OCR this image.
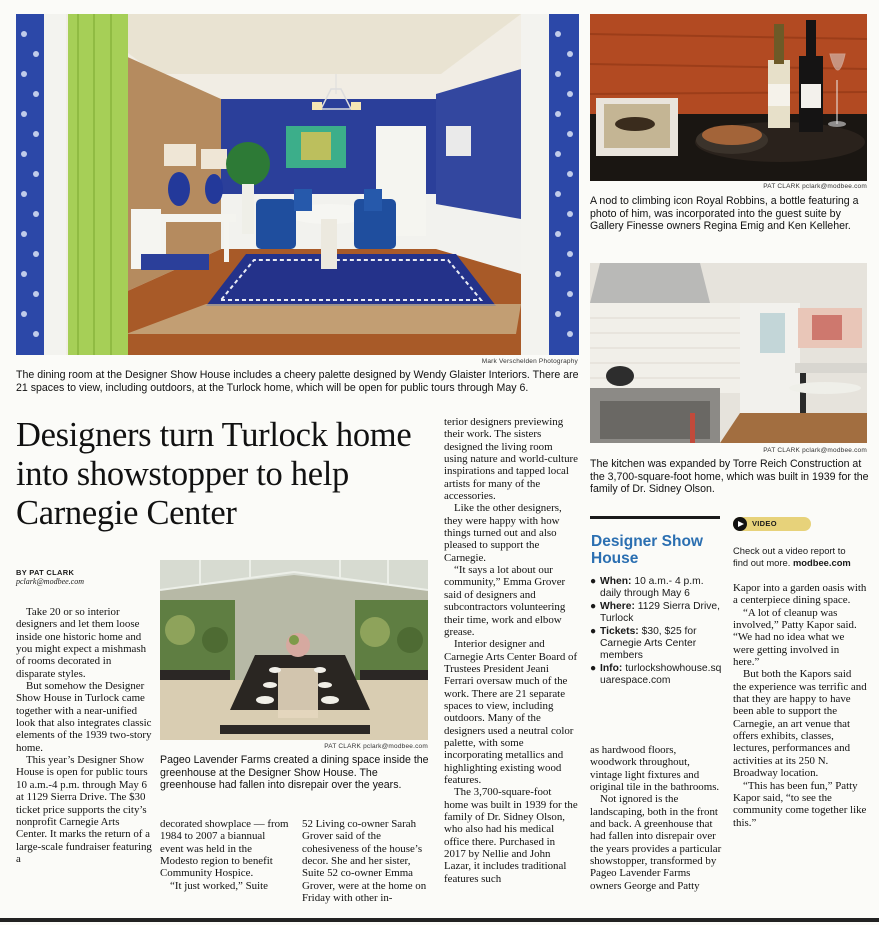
Mark Verschelden Photography
The dining room at the Designer Show House includes a cheery palette designed by Wendy Glaister Interiors. There are 21 spaces to view, including outdoors, at the Turlock home, which will be open for public tours through May 6.
PAT CLARK pclark@modbee.com
A nod to climbing icon Royal Robbins, a bottle featuring a photo of him, was incorporated into the guest suite by Gallery Finesse owners Regina Emig and Ken Kelleher.
PAT CLARK pclark@modbee.com
The kitchen was expanded by Torre Reich Construction at the 3,700-square-foot home, which was built in 1939 for the family of Dr. Sidney Olson.
Designers turn Turlock home into showstopper to help Carnegie Center
BY PAT CLARK
pclark@modbee.com
PAT CLARK pclark@modbee.com
Pageo Lavender Farms created a dining space inside the greenhouse at the Designer Show House. The greenhouse had fallen into disrepair over the years.

Take 20 or so interior designers and let them loose inside one historic home and you might expect a mishmash of rooms decorated in disparate styles.

But somehow the Designer Show House in Turlock came together with a near-unified look that also integrates classic elements of the 1939 two-story home.

This year’s Designer Show House is open for public tours 10 a.m.-4 p.m. through May 6 at 1129 Sierra Drive. The $30 ticket price supports the city’s nonprofit Carnegie Arts Center. It marks the return of a large-scale fundraiser featuring a

decorated showplace — from 1984 to 2007 a biannual event was held in the Modesto region to benefit Community Hospice.

“It just worked,” Suite

52 Living co-owner Sarah Grover said of the cohesiveness of the house’s decor. She and her sister, Suite 52 co-owner Emma Grover, were at the home on Friday with other in-

terior designers previewing their work. The sisters designed the living room using nature and world-culture inspirations and tapped local artists for many of the accessories.

Like the other designers, they were happy with how things turned out and also pleased to support the Carnegie.

“It says a lot about our community,” Emma Grover said of designers and subcontractors volunteering their time, work and elbow grease.

Interior designer and Carnegie Arts Center Board of Trustees President Jeani Ferrari oversaw much of the work. There are 21 separate spaces to view, including outdoors. Many of the designers used a neutral color palette, with some incorporating metallics and highlighting existing wood features.

The 3,700-square-foot home was built in 1939 for the family of Dr. Sidney Olson, who also had his medical office there. Purchased in 2017 by Nellie and John Lazar, it includes traditional features such

as hardwood floors, woodwork throughout, vintage light fixtures and original tile in the bathrooms.

Not ignored is the landscaping, both in the front and back. A greenhouse that had fallen into disrepair over the years provides a particular showstopper, transformed by Pageo Lavender Farms owners George and Patty

Kapor into a garden oasis with a centerpiece dining space.

“A lot of cleanup was involved,” Patty Kapor said. “We had no idea what we were getting involved in here.”

But both the Kapors said the experience was terrific and that they are happy to have been able to support the Carnegie, an art venue that offers exhibits, classes, lectures, performances and activities at its 250 N. Broadway location.

“This has been fun,” Patty Kapor said, “to see the community come together like this.”

Designer Show House
● When: 10 a.m.- 4 p.m. daily through May 6
● Where: 1129 Sierra Drive, Turlock
● Tickets: $30, $25 for Carnegie Arts Center members
● Info: turlockshowhouse.squarespace.com
VIDEO
Check out a video report to find out more. modbee.com
